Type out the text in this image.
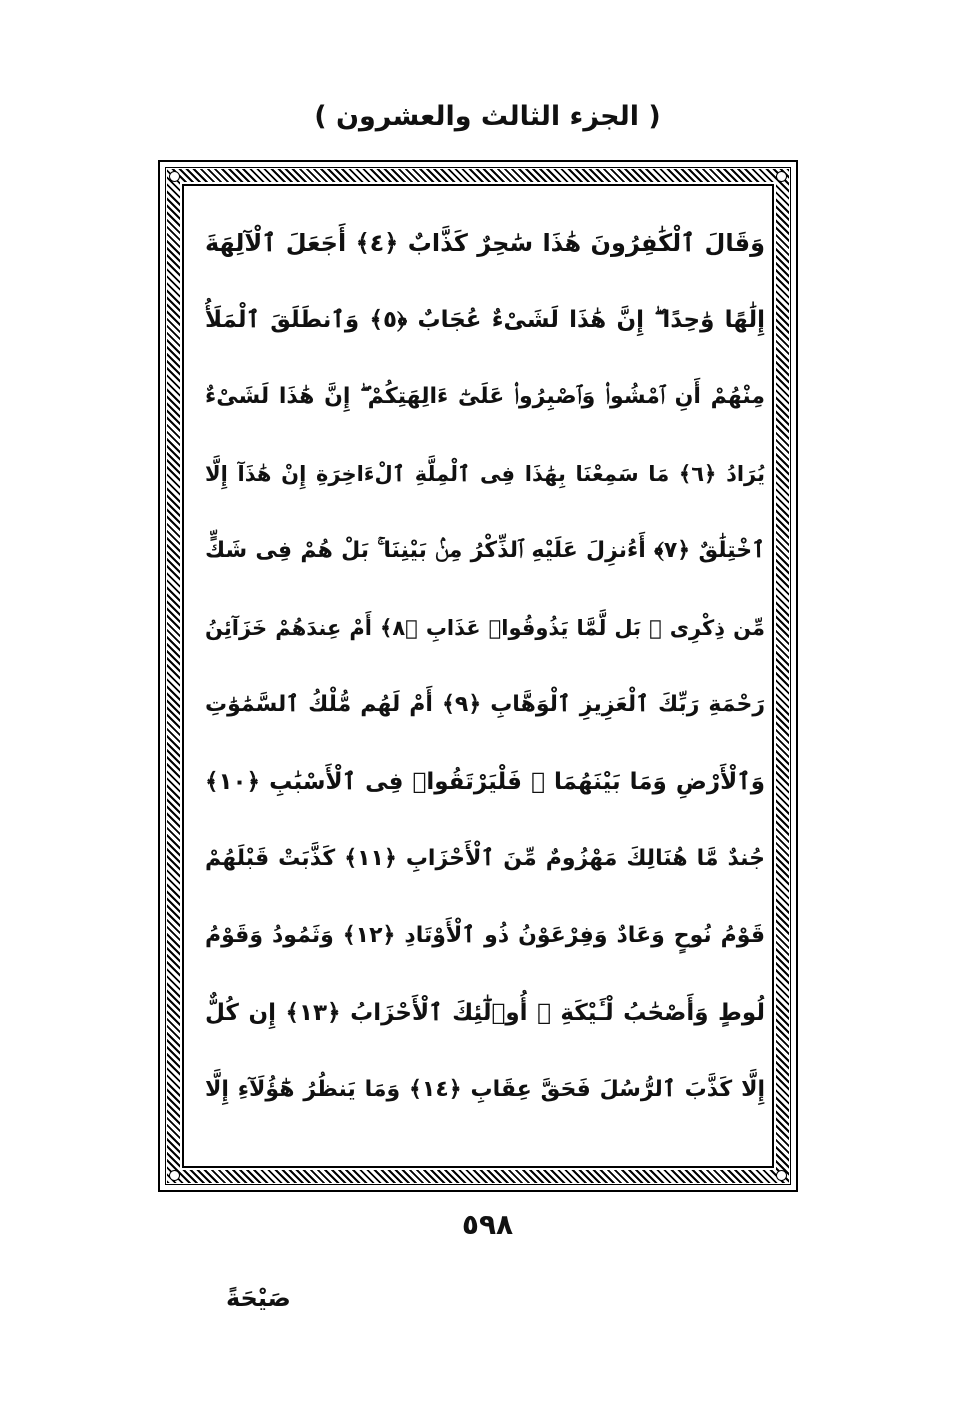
( الجزء الثالث والعشرون )
وَقَالَ ٱلْكَٰفِرُونَ هَٰذَا سَٰحِرٌ كَذَّابٌ ﴿٤﴾ أَجَعَلَ ٱلْآلِهَةَ
إِلَٰهًا وَٰحِدًا ۖ إِنَّ هَٰذَا لَشَىْءٌ عُجَابٌ ﴿٥﴾ وَٱنطَلَقَ ٱلْمَلَأُ
مِنْهُمْ أَنِ ٱمْشُوا۟ وَٱصْبِرُوا۟ عَلَىٰٓ ءَالِهَتِكُمْ ۖ إِنَّ هَٰذَا لَشَىْءٌ
يُرَادُ ﴿٦﴾ مَا سَمِعْنَا بِهَٰذَا فِى ٱلْمِلَّةِ ٱلْءَاخِرَةِ إِنْ هَٰذَآ إِلَّا
ٱخْتِلَٰقٌ ﴿٧﴾ أَءُنزِلَ عَلَيْهِ ٱلذِّكْرُ مِنۢ بَيْنِنَا ۚ بَلْ هُمْ فِى شَكٍّ
مِّن ذِكْرِى ۖ بَل لَّمَّا يَذُوقُوا۟ عَذَابِ ﴿٨﴾ أَمْ عِندَهُمْ خَزَآئِنُ
رَحْمَةِ رَبِّكَ ٱلْعَزِيزِ ٱلْوَهَّابِ ﴿٩﴾ أَمْ لَهُم مُّلْكُ ٱلسَّمَٰوَٰتِ
وَٱلْأَرْضِ وَمَا بَيْنَهُمَا ۖ فَلْيَرْتَقُوا۟ فِى ٱلْأَسْبَٰبِ ﴿١٠﴾
جُندٌ مَّا هُنَالِكَ مَهْزُومٌ مِّنَ ٱلْأَحْزَابِ ﴿١١﴾ كَذَّبَتْ قَبْلَهُمْ
قَوْمُ نُوحٍ وَعَادٌ وَفِرْعَوْنُ ذُو ٱلْأَوْتَادِ ﴿١٢﴾ وَثَمُودُ وَقَوْمُ
لُوطٍ وَأَصْحَٰبُ لْـَٔيْكَةِ ۚ أُو۟لَٰٓئِكَ ٱلْأَحْزَابُ ﴿١٣﴾ إِن كُلٌّ
إِلَّا كَذَّبَ ٱلرُّسُلَ فَحَقَّ عِقَابِ ﴿١٤﴾ وَمَا يَنظُرُ هَٰٓؤُلَآءِ إِلَّا
٥٩٨
صَيْحَةً
